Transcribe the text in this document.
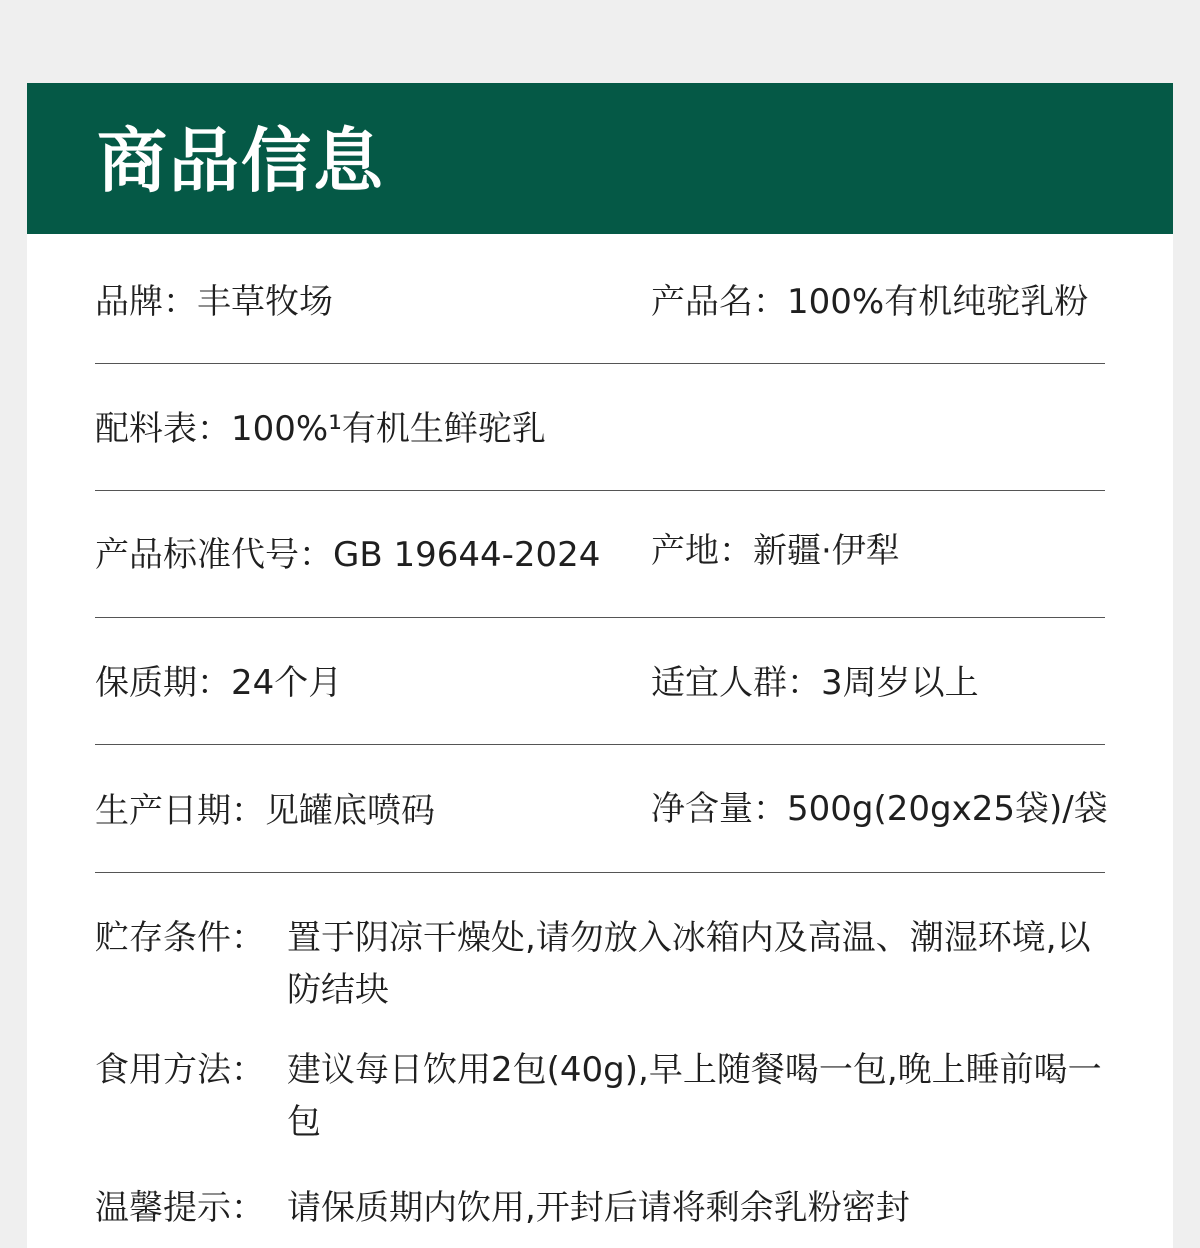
商品信息
品牌：丰草牧场	产品名：100%有机纯驼乳粉
配料表：100%¹有机生鲜驼乳
产品标准代号：GB 19644-2024 产地：新疆·伊犁
保质期：24个月	适宜人群：3周岁以上
生产日期：见罐底喷码	净含量：500g(20gx25袋)/袋
贮存条件： 置于阴凉干燥处,请勿放入冰箱内及高温、潮湿环境,以防结块
食用方法： 建议每日饮用2包(40g),早上随餐喝一包,晚上睡前喝一包
温馨提示： 请保质期内饮用,开封后请将剩余乳粉密封
